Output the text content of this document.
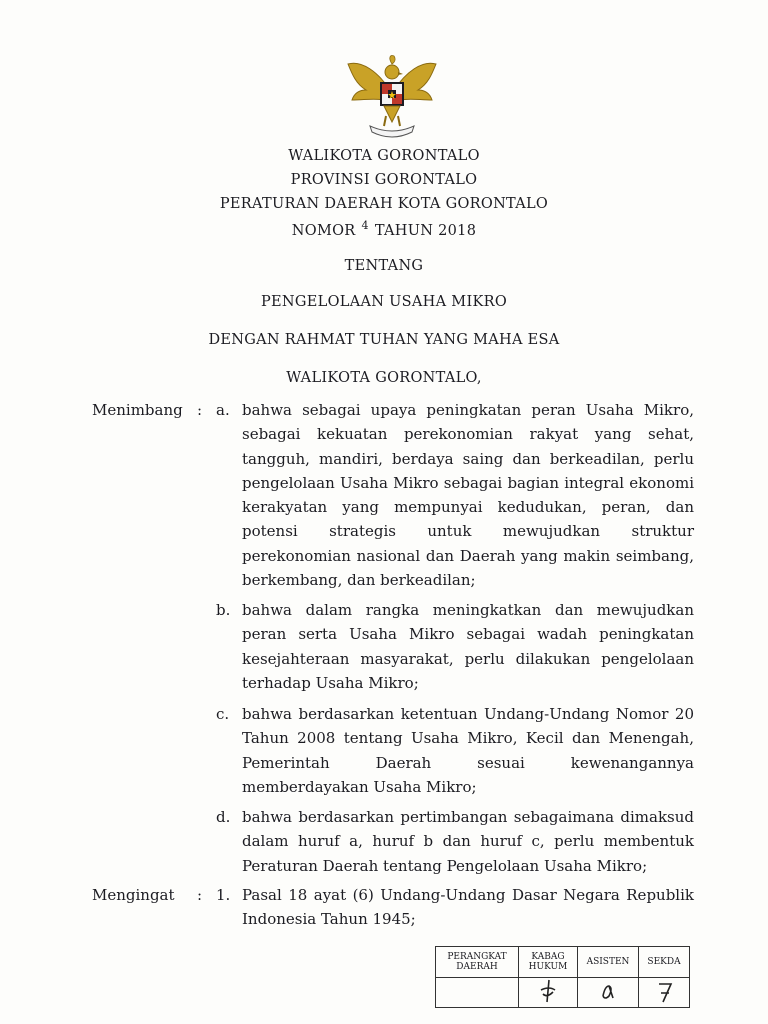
WALIKOTA GORONTALO
PROVINSI GORONTALO
PERATURAN DAERAH KOTA GORONTALO
NOMOR $^4$ TAHUN 2018
TENTANG
PENGELOLAAN USAHA MIKRO
DENGAN RAHMAT TUHAN YANG MAHA ESA
WALIKOTA GORONTALO,
Menimbang : a. bahwa sebagai upaya peningkatan peran Usaha Mikro, sebagai kekuatan perekonomian rakyat yang sehat, tangguh, mandiri, berdaya saing dan berkeadilan, perlu pengelolaan Usaha Mikro sebagai bagian integral ekonomi kerakyatan yang mempunyai kedudukan, peran, dan potensi strategis untuk mewujudkan struktur perekonomian nasional dan Daerah yang makin seimbang, berkembang, dan berkeadilan;

b. bahwa dalam rangka meningkatkan dan mewujudkan peran serta Usaha Mikro sebagai wadah peningkatan kesejahteraan masyarakat, perlu dilakukan pengelolaan terhadap Usaha Mikro;

c. bahwa berdasarkan ketentuan Undang-Undang Nomor 20 Tahun 2008 tentang Usaha Mikro, Kecil dan Menengah, Pemerintah Daerah sesuai kewenangannya memberdayakan Usaha Mikro;

d. bahwa berdasarkan pertimbangan sebagaimana dimaksud dalam huruf a, huruf b dan huruf c, perlu membentuk Peraturan Daerah tentang Pengelolaan Usaha Mikro;

Mengingat : 1. Pasal 18 ayat (6) Undang-Undang Dasar Negara Republik Indonesia Tahun 1945;

PERANGKAT DAERAH	KABAG HUKUM	ASISTEN	SEKDA
